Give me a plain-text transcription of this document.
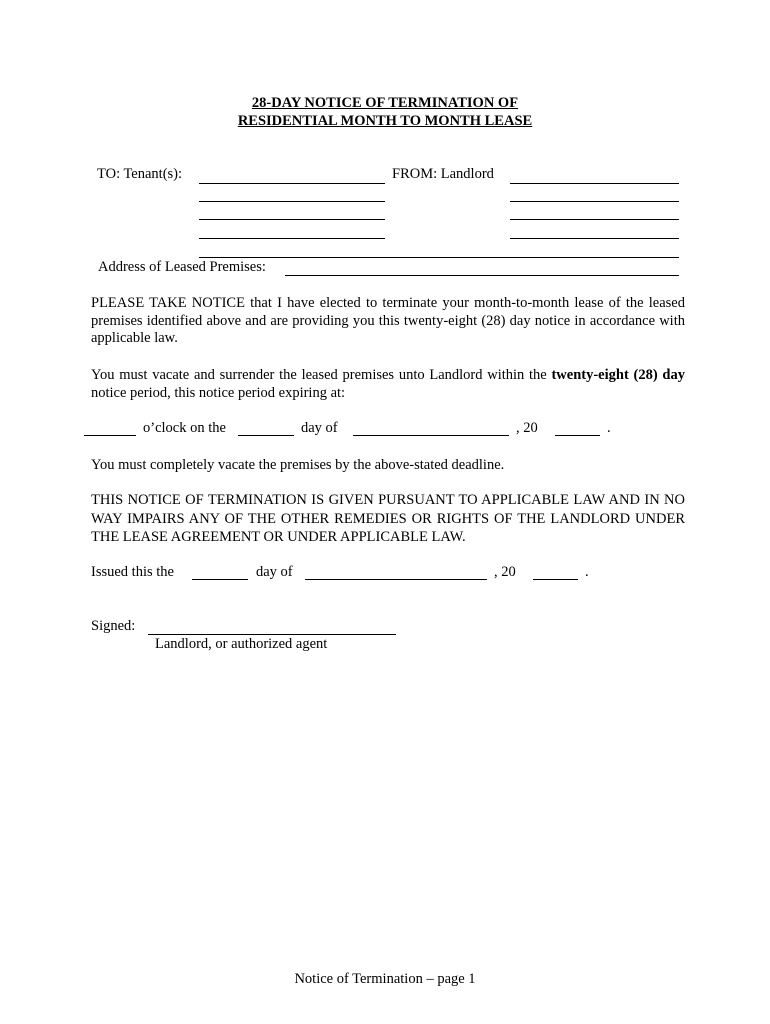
28-DAY NOTICE OF TERMINATION OF
RESIDENTIAL MONTH TO MONTH LEASE
TO: Tenant(s):	FROM: Landlord
Address of Leased Premises:
PLEASE TAKE NOTICE that I have elected to terminate your month-to-month lease of the leased premises identified above and are providing you this twenty-eight (28) day notice in accordance with applicable law.
You must vacate and surrender the leased premises unto Landlord within the twenty-eight (28) day notice period, this notice period expiring at:
o’clock on the	day of	, 20	.
You must completely vacate the premises by the above-stated deadline.
THIS NOTICE OF TERMINATION IS GIVEN PURSUANT TO APPLICABLE LAW AND IN NO WAY IMPAIRS ANY OF THE OTHER REMEDIES OR RIGHTS OF THE LANDLORD UNDER THE LEASE AGREEMENT OR UNDER APPLICABLE LAW.
Issued this the	day of	, 20	.
Signed:
Landlord, or authorized agent
Notice of Termination – page 1
